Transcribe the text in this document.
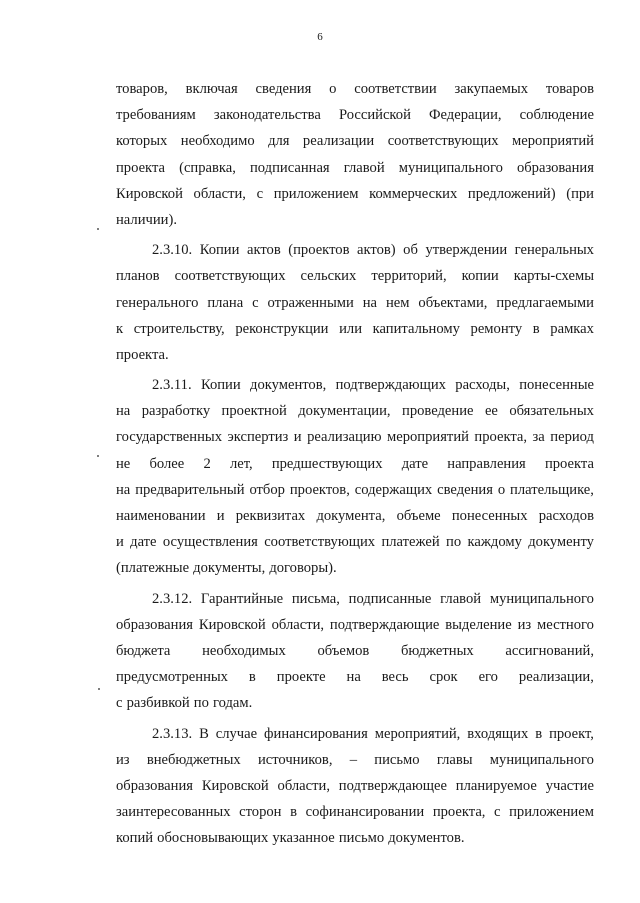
6
товаров, включая сведения о соответствии закупаемых товаров
требованиям законодательства Российской Федерации, соблюдение
которых необходимо для реализации соответствующих мероприятий
проекта (справка, подписанная главой муниципального образования
Кировской области, с приложением коммерческих предложений) (при
наличии).
2.3.10. Копии актов (проектов актов) об утверждении генеральных
планов соответствующих сельских территорий, копии карты-схемы
генерального плана с отраженными на нем объектами, предлагаемыми
к строительству, реконструкции или капитальному ремонту в рамках
проекта.
2.3.11. Копии документов, подтверждающих расходы, понесенные
на разработку проектной документации, проведение ее обязательных
государственных экспертиз и реализацию мероприятий проекта, за период
не более 2 лет, предшествующих дате направления проекта
на предварительный отбор проектов, содержащих сведения о плательщике,
наименовании и реквизитах документа, объеме понесенных расходов
и дате осуществления соответствующих платежей по каждому документу
(платежные документы, договоры).
2.3.12. Гарантийные письма, подписанные главой муниципального
образования Кировской области, подтверждающие выделение из местного
бюджета необходимых объемов бюджетных ассигнований,
предусмотренных в проекте на весь срок его реализации,
с разбивкой по годам.
2.3.13. В случае финансирования мероприятий, входящих в проект,
из внебюджетных источников, – письмо главы муниципального
образования Кировской области, подтверждающее планируемое участие
заинтересованных сторон в софинансировании проекта, с приложением
копий обосновывающих указанное письмо документов.
